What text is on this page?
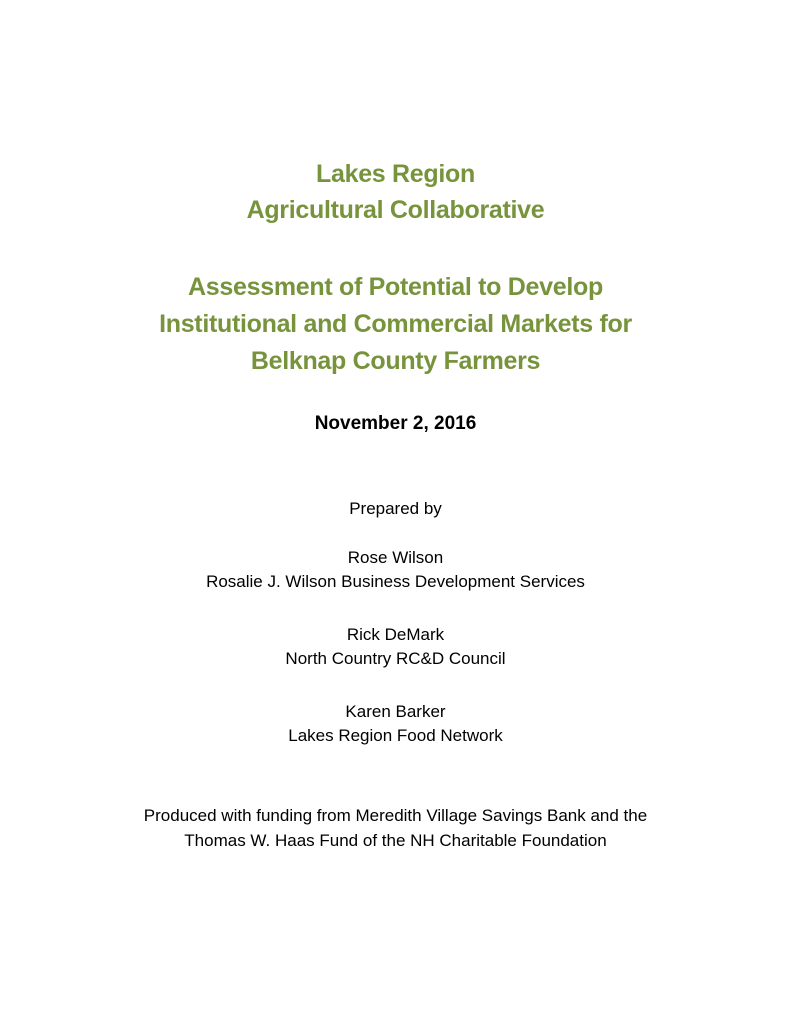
Lakes Region
Agricultural Collaborative
Assessment of Potential to Develop
Institutional and Commercial Markets for
Belknap County Farmers
November 2, 2016
Prepared by
Rose Wilson
Rosalie J. Wilson Business Development Services
Rick DeMark
North Country RC&D Council
Karen Barker
Lakes Region Food Network
Produced with funding from Meredith Village Savings Bank and the
Thomas W. Haas Fund of the NH Charitable Foundation
